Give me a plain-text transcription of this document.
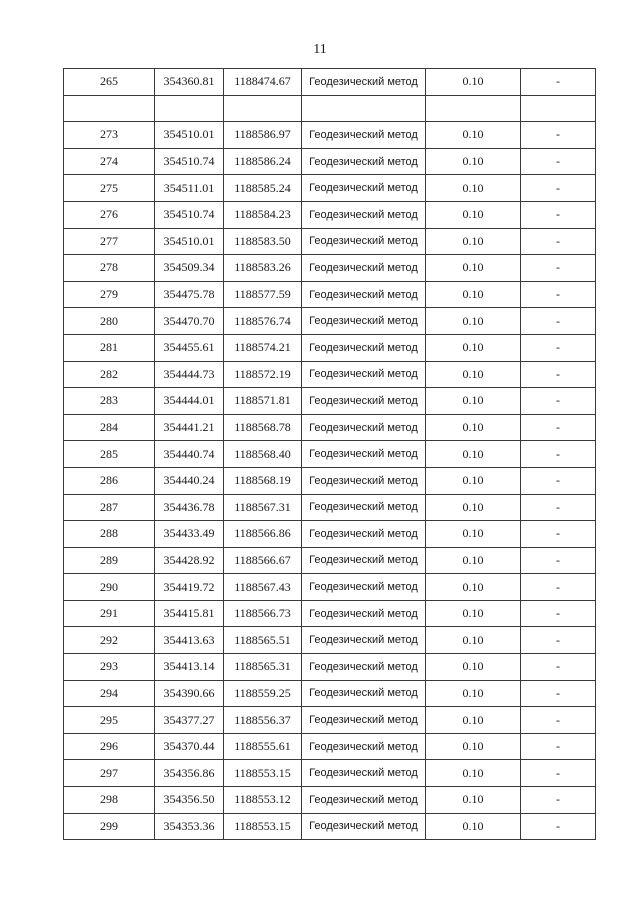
11
265	354360.81	1188474.67	Геодезический метод	0.10	-

273	354510.01	1188586.97	Геодезический метод	0.10	-
274	354510.74	1188586.24	Геодезический метод	0.10	-
275	354511.01	1188585.24	Геодезический метод	0.10	-
276	354510.74	1188584.23	Геодезический метод	0.10	-
277	354510.01	1188583.50	Геодезический метод	0.10	-
278	354509.34	1188583.26	Геодезический метод	0.10	-
279	354475.78	1188577.59	Геодезический метод	0.10	-
280	354470.70	1188576.74	Геодезический метод	0.10	-
281	354455.61	1188574.21	Геодезический метод	0.10	-
282	354444.73	1188572.19	Геодезический метод	0.10	-
283	354444.01	1188571.81	Геодезический метод	0.10	-
284	354441.21	1188568.78	Геодезический метод	0.10	-
285	354440.74	1188568.40	Геодезический метод	0.10	-
286	354440.24	1188568.19	Геодезический метод	0.10	-
287	354436.78	1188567.31	Геодезический метод	0.10	-
288	354433.49	1188566.86	Геодезический метод	0.10	-
289	354428.92	1188566.67	Геодезический метод	0.10	-
290	354419.72	1188567.43	Геодезический метод	0.10	-
291	354415.81	1188566.73	Геодезический метод	0.10	-
292	354413.63	1188565.51	Геодезический метод	0.10	-
293	354413.14	1188565.31	Геодезический метод	0.10	-
294	354390.66	1188559.25	Геодезический метод	0.10	-
295	354377.27	1188556.37	Геодезический метод	0.10	-
296	354370.44	1188555.61	Геодезический метод	0.10	-
297	354356.86	1188553.15	Геодезический метод	0.10	-
298	354356.50	1188553.12	Геодезический метод	0.10	-
299	354353.36	1188553.15	Геодезический метод	0.10	-
